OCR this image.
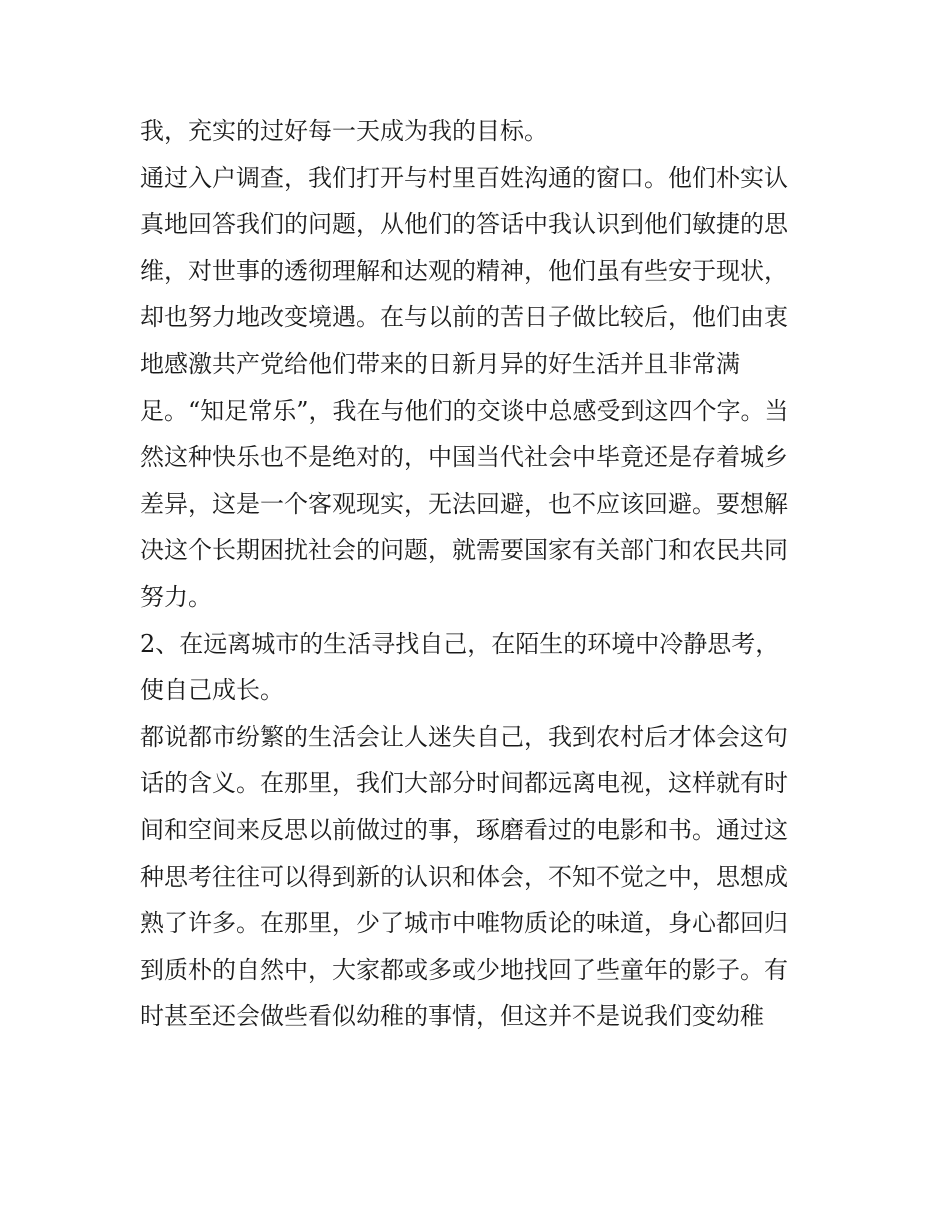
我，充实的过好每一天成为我的目标。
通过入户调查，我们打开与村里百姓沟通的窗口。他们朴实认
真地回答我们的问题，从他们的答话中我认识到他们敏捷的思
维，对世事的透彻理解和达观的精神，他们虽有些安于现状，
却也努力地改变境遇。在与以前的苦日子做比较后，他们由衷
地感激共产党给他们带来的日新月异的好生活并且非常满
足。“知足常乐”，我在与他们的交谈中总感受到这四个字。当
然这种快乐也不是绝对的，中国当代社会中毕竟还是存着城乡
差异，这是一个客观现实，无法回避，也不应该回避。要想解
决这个长期困扰社会的问题，就需要国家有关部门和农民共同
努力。
2、在远离城市的生活寻找自己，在陌生的环境中冷静思考，
使自己成长。
都说都市纷繁的生活会让人迷失自己，我到农村后才体会这句
话的含义。在那里，我们大部分时间都远离电视，这样就有时
间和空间来反思以前做过的事，琢磨看过的电影和书。通过这
种思考往往可以得到新的认识和体会，不知不觉之中，思想成
熟了许多。在那里，少了城市中唯物质论的味道，身心都回归
到质朴的自然中，大家都或多或少地找回了些童年的影子。有
时甚至还会做些看似幼稚的事情，但这并不是说我们变幼稚
